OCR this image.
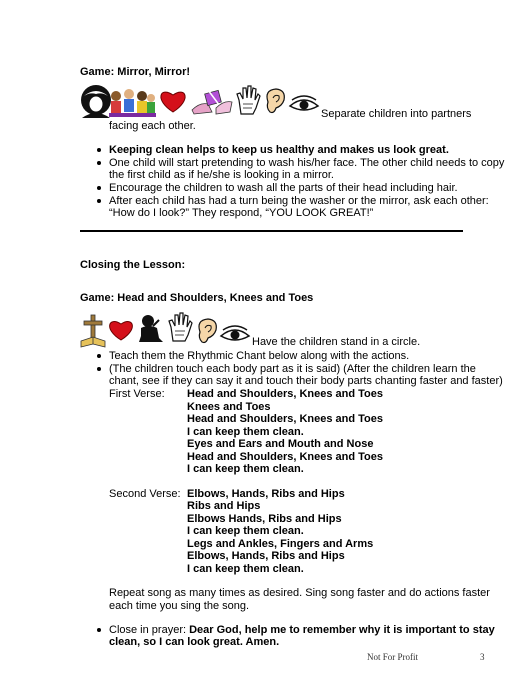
Game: Mirror, Mirror!
Separate children into partners
facing each other.
Keeping clean helps to keep us healthy and makes us look great.
One child will start pretending to wash his/her face. The other child needs to copy
the first child as if he/she is looking in a mirror.
Encourage the children to wash all the parts of their head including hair.
After each child has had a turn being the washer or the mirror, ask each other:
“How do I look?” They respond, “YOU LOOK GREAT!”
Closing the Lesson:
Game: Head and Shoulders, Knees and Toes
Have the children stand in a circle.
Teach them the Rhythmic Chant below along with the actions.
(The children touch each body part as it is said) (After the children learn the
chant, see if they can say it and touch their body parts chanting faster and faster)
First Verse: Head and Shoulders, Knees and Toes
Knees and Toes
Head and Shoulders, Knees and Toes
I can keep them clean.
Eyes and Ears and Mouth and Nose
Head and Shoulders, Knees and Toes
I can keep them clean.
Second Verse: Elbows, Hands, Ribs and Hips
Ribs and Hips
Elbows Hands, Ribs and Hips
I can keep them clean.
Legs and Ankles, Fingers and Arms
Elbows, Hands, Ribs and Hips
I can keep them clean.
Repeat song as many times as desired. Sing song faster and do actions faster
each time you sing the song.
Close in prayer: Dear God, help me to remember why it is important to stay
clean, so I can look great. Amen.
Not For Profit	3
